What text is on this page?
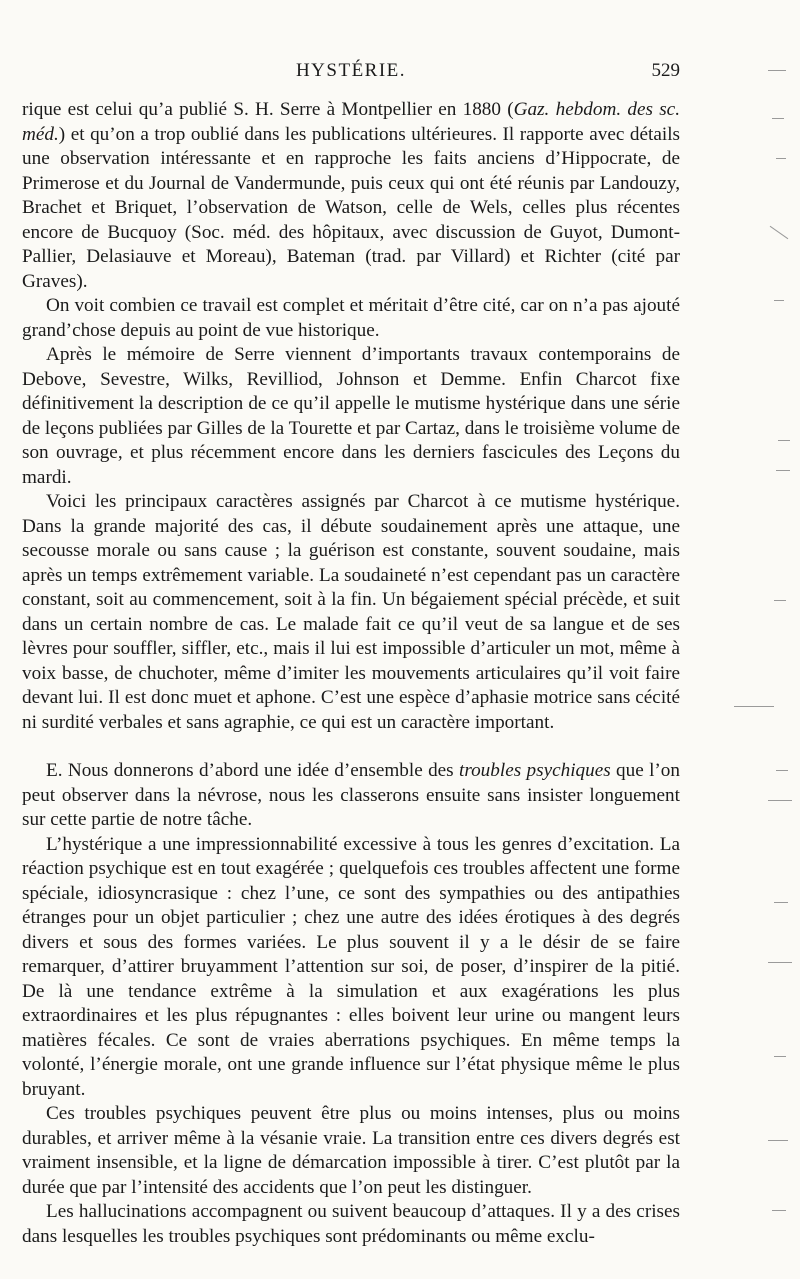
HYSTÉRIE.	529

rique est celui qu’a publié S. H. Serre à Montpellier en 1880 (Gaz. hebdom. des sc. méd.) et qu’on a trop oublié dans les publications ultérieures. Il rapporte avec détails une observation intéressante et en rapproche les faits anciens d’Hippocrate, de Primerose et du Journal de Vandermunde, puis ceux qui ont été réunis par Landouzy, Brachet et Briquet, l’observation de Watson, celle de Wels, celles plus récentes encore de Bucquoy (Soc. méd. des hôpitaux, avec discussion de Guyot, Dumont-Pallier, Delasiauve et Moreau), Bateman (trad. par Villard) et Richter (cité par Graves).

On voit combien ce travail est complet et méritait d’être cité, car on n’a pas ajouté grand’chose depuis au point de vue historique.

Après le mémoire de Serre viennent d’importants travaux contemporains de Debove, Sevestre, Wilks, Revilliod, Johnson et Demme. Enfin Charcot fixe définitivement la description de ce qu’il appelle le mutisme hystérique dans une série de leçons publiées par Gilles de la Tourette et par Cartaz, dans le troisième volume de son ouvrage, et plus récemment encore dans les derniers fascicules des Leçons du mardi.

Voici les principaux caractères assignés par Charcot à ce mutisme hystérique. Dans la grande majorité des cas, il débute soudainement après une attaque, une secousse morale ou sans cause ; la guérison est constante, souvent soudaine, mais après un temps extrêmement variable. La soudaineté n’est cependant pas un caractère constant, soit au commencement, soit à la fin. Un bégaiement spécial précède, et suit dans un certain nombre de cas. Le malade fait ce qu’il veut de sa langue et de ses lèvres pour souffler, siffler, etc., mais il lui est impossible d’articuler un mot, même à voix basse, de chuchoter, même d’imiter les mouvements articulaires qu’il voit faire devant lui. Il est donc muet et aphone. C’est une espèce d’aphasie motrice sans cécité ni surdité verbales et sans agraphie, ce qui est un caractère important.

E. Nous donnerons d’abord une idée d’ensemble des troubles psychiques que l’on peut observer dans la névrose, nous les classerons ensuite sans insister longuement sur cette partie de notre tâche.

L’hystérique a une impressionnabilité excessive à tous les genres d’excitation. La réaction psychique est en tout exagérée ; quelquefois ces troubles affectent une forme spéciale, idiosyncrasique : chez l’une, ce sont des sympathies ou des antipathies étranges pour un objet particulier ; chez une autre des idées érotiques à des degrés divers et sous des formes variées. Le plus souvent il y a le désir de se faire remarquer, d’attirer bruyamment l’attention sur soi, de poser, d’inspirer de la pitié. De là une tendance extrême à la simulation et aux exagérations les plus extraordinaires et les plus répugnantes : elles boivent leur urine ou mangent leurs matières fécales. Ce sont de vraies aberrations psychiques. En même temps la volonté, l’énergie morale, ont une grande influence sur l’état physique même le plus bruyant.

Ces troubles psychiques peuvent être plus ou moins intenses, plus ou moins durables, et arriver même à la vésanie vraie. La transition entre ces divers degrés est vraiment insensible, et la ligne de démarcation impossible à tirer. C’est plutôt par la durée que par l’intensité des accidents que l’on peut les distinguer.

Les hallucinations accompagnent ou suivent beaucoup d’attaques. Il y a des crises dans lesquelles les troubles psychiques sont prédominants ou même exclu-
